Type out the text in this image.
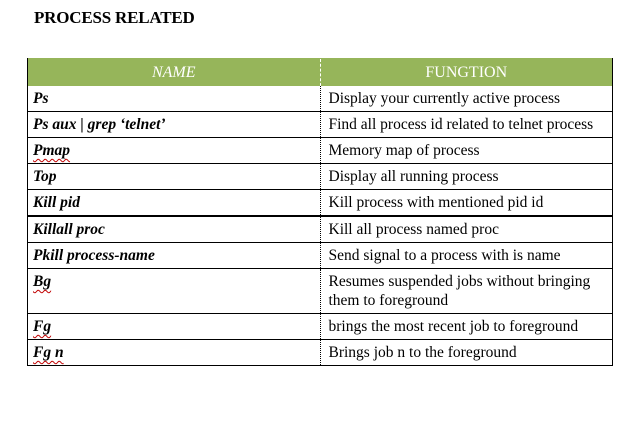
PROCESS RELATED
NAME	FUNGTION
Ps	Display your currently active process
Ps aux | grep ‘telnet’	Find all process id related to telnet process
Pmap	Memory map of process
Top	Display all running process
Kill pid	Kill process with mentioned pid id
Killall proc	Kill all process named proc
Pkill process-name	Send signal to a process with is name
Bg	Resumes suspended jobs without bringing them to foreground
Fg	brings the most recent job to foreground
Fg n	Brings job n to the foreground
